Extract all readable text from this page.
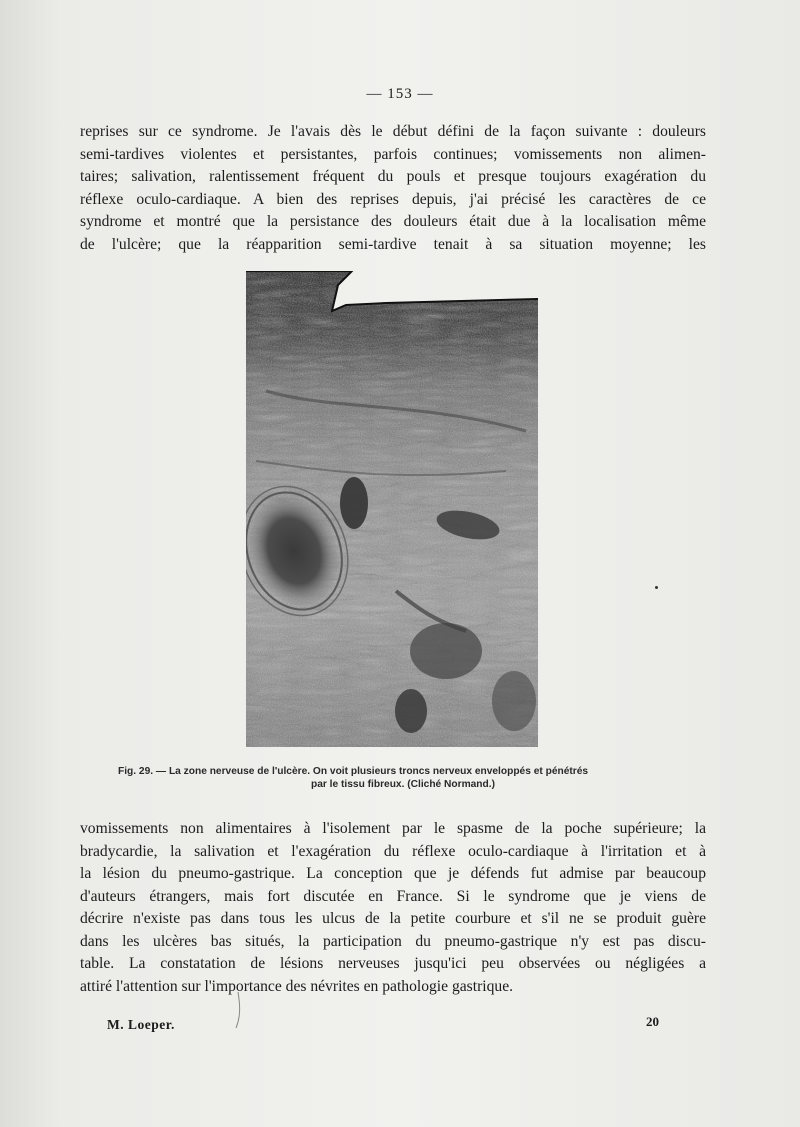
— 153 —
reprises sur ce syndrome. Je l'avais dès le début défini de la façon suivante : douleurs
semi-tardives violentes et persistantes, parfois continues; vomissements non alimen-
taires; salivation, ralentissement fréquent du pouls et presque toujours exagération du
réflexe oculo-cardiaque. A bien des reprises depuis, j'ai précisé les caractères de ce
syndrome et montré que la persistance des douleurs était due à la localisation même
de l'ulcère; que la réapparition semi-tardive tenait à sa situation moyenne; les
Fig. 29. — La zone nerveuse de l'ulcère. On voit plusieurs troncs nerveux enveloppés et pénétrés
par le tissu fibreux. (Cliché Normand.)
vomissements non alimentaires à l'isolement par le spasme de la poche supérieure; la
bradycardie, la salivation et l'exagération du réflexe oculo-cardiaque à l'irritation et à
la lésion du pneumo-gastrique. La conception que je défends fut admise par beaucoup
d'auteurs étrangers, mais fort discutée en France. Si le syndrome que je viens de
décrire n'existe pas dans tous les ulcus de la petite courbure et s'il ne se produit guère
dans les ulcères bas situés, la participation du pneumo-gastrique n'y est pas discu-
table. La constatation de lésions nerveuses jusqu'ici peu observées ou négligées a
attiré l'attention sur l'importance des névrites en pathologie gastrique.
M. Loeper.	20
